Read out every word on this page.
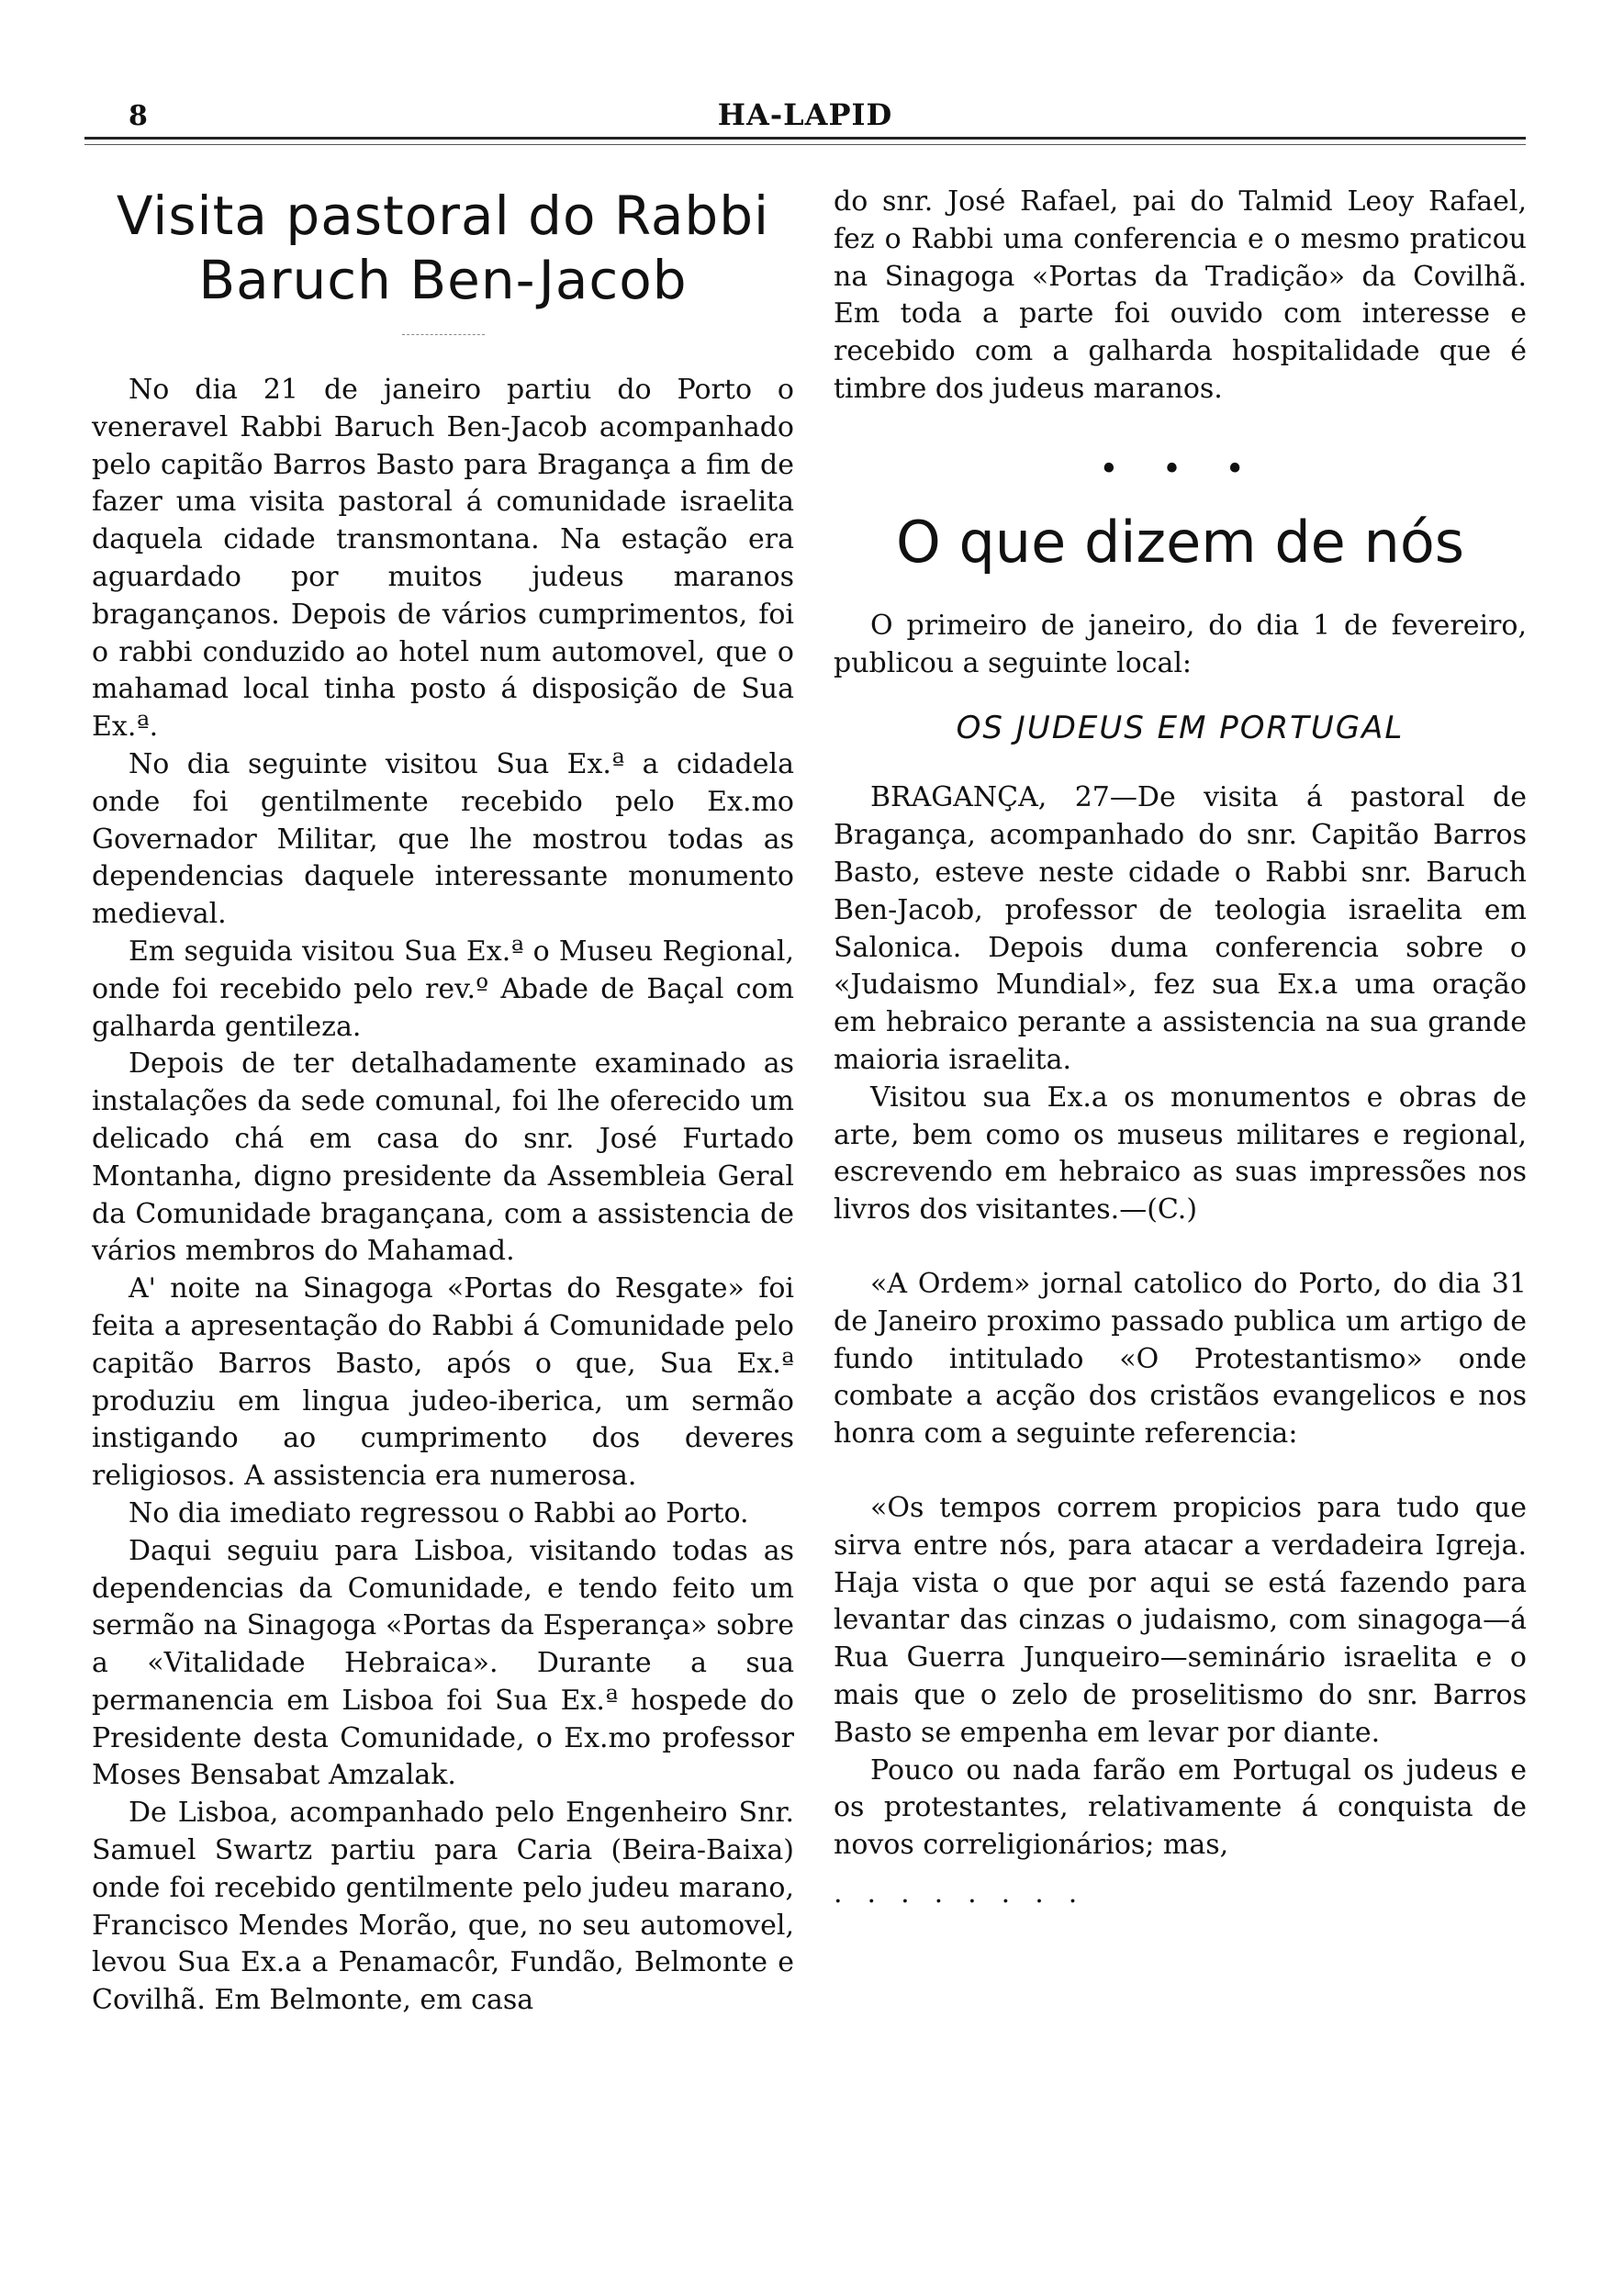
8	HA-LAPID
Visita pastoral do Rabbi
Baruch Ben-Jacob

No dia 21 de janeiro partiu do Porto o veneravel Rabbi Baruch Ben-Jacob acompanhado pelo capitão Barros Basto para Bragança a fim de fazer uma visita pastoral á comunidade israelita daquela cidade transmontana. Na estação era aguardado por muitos judeus maranos bragançanos. Depois de vários cumprimentos, foi o rabbi conduzido ao hotel num automovel, que o mahamad local tinha posto á disposição de Sua Ex.ª.

No dia seguinte visitou Sua Ex.ª a cidadela onde foi gentilmente recebido pelo Ex.mo Governador Militar, que lhe mostrou todas as dependencias daquele interessante monumento medieval.

Em seguida visitou Sua Ex.ª o Museu Regional, onde foi recebido pelo rev.º Abade de Baçal com galharda gentileza.

Depois de ter detalhadamente examinado as instalações da sede comunal, foi lhe oferecido um delicado chá em casa do snr. José Furtado Montanha, digno presidente da Assembleia Geral da Comunidade bragançana, com a assistencia de vários membros do Mahamad.

A' noite na Sinagoga «Portas do Resgate» foi feita a apresentação do Rabbi á Comunidade pelo capitão Barros Basto, após o que, Sua Ex.ª produziu em lingua judeo-iberica, um sermão instigando ao cumprimento dos deveres religiosos. A assistencia era numerosa.

No dia imediato regressou o Rabbi ao Porto.

Daqui seguiu para Lisboa, visitando todas as dependencias da Comunidade, e tendo feito um sermão na Sinagoga «Portas da Esperança» sobre a «Vitalidade Hebraica». Durante a sua permanencia em Lisboa foi Sua Ex.ª hospede do Presidente desta Comunidade, o Ex.mo professor Moses Bensabat Amzalak.

De Lisboa, acompanhado pelo Engenheiro Snr. Samuel Swartz partiu para Caria (Beira-Baixa) onde foi recebido gentilmente pelo judeu marano, Francisco Mendes Morão, que, no seu automovel, levou Sua Ex.a a Penamacôr, Fundão, Belmonte e Covilhã. Em Belmonte, em casa

do snr. José Rafael, pai do Talmid Leoy Rafael, fez o Rabbi uma conferencia e o mesmo praticou na Sinagoga «Portas da Tradição» da Covilhã. Em toda a parte foi ouvido com interesse e recebido com a galharda hospitalidade que é timbre dos judeus maranos.

• • •
O que dizem de nós

O primeiro de janeiro, do dia 1 de fevereiro, publicou a seguinte local:

OS JUDEUS EM PORTUGAL

BRAGANÇA, 27—De visita á pastoral de Bragança, acompanhado do snr. Capitão Barros Basto, esteve neste cidade o Rabbi snr. Baruch Ben-Jacob, professor de teologia israelita em Salonica. Depois duma conferencia sobre o «Judaismo Mundial», fez sua Ex.a uma oração em hebraico perante a assistencia na sua grande maioria israelita.

Visitou sua Ex.a os monumentos e obras de arte, bem como os museus militares e regional, escrevendo em hebraico as suas impressões nos livros dos visitantes.—(C.)

«A Ordem» jornal catolico do Porto, do dia 31 de Janeiro proximo passado publica um artigo de fundo intitulado «O Protestantismo» onde combate a acção dos cristãos evangelicos e nos honra com a seguinte referencia:

«Os tempos correm propicios para tudo que sirva entre nós, para atacar a verdadeira Igreja. Haja vista o que por aqui se está fazendo para levantar das cinzas o judaismo, com sinagoga—á Rua Guerra Junqueiro—seminário israelita e o mais que o zelo de proselitismo do snr. Barros Basto se empenha em levar por diante.

Pouco ou nada farão em Portugal os judeus e os protestantes, relativamente á conquista de novos correligionários; mas,

........
